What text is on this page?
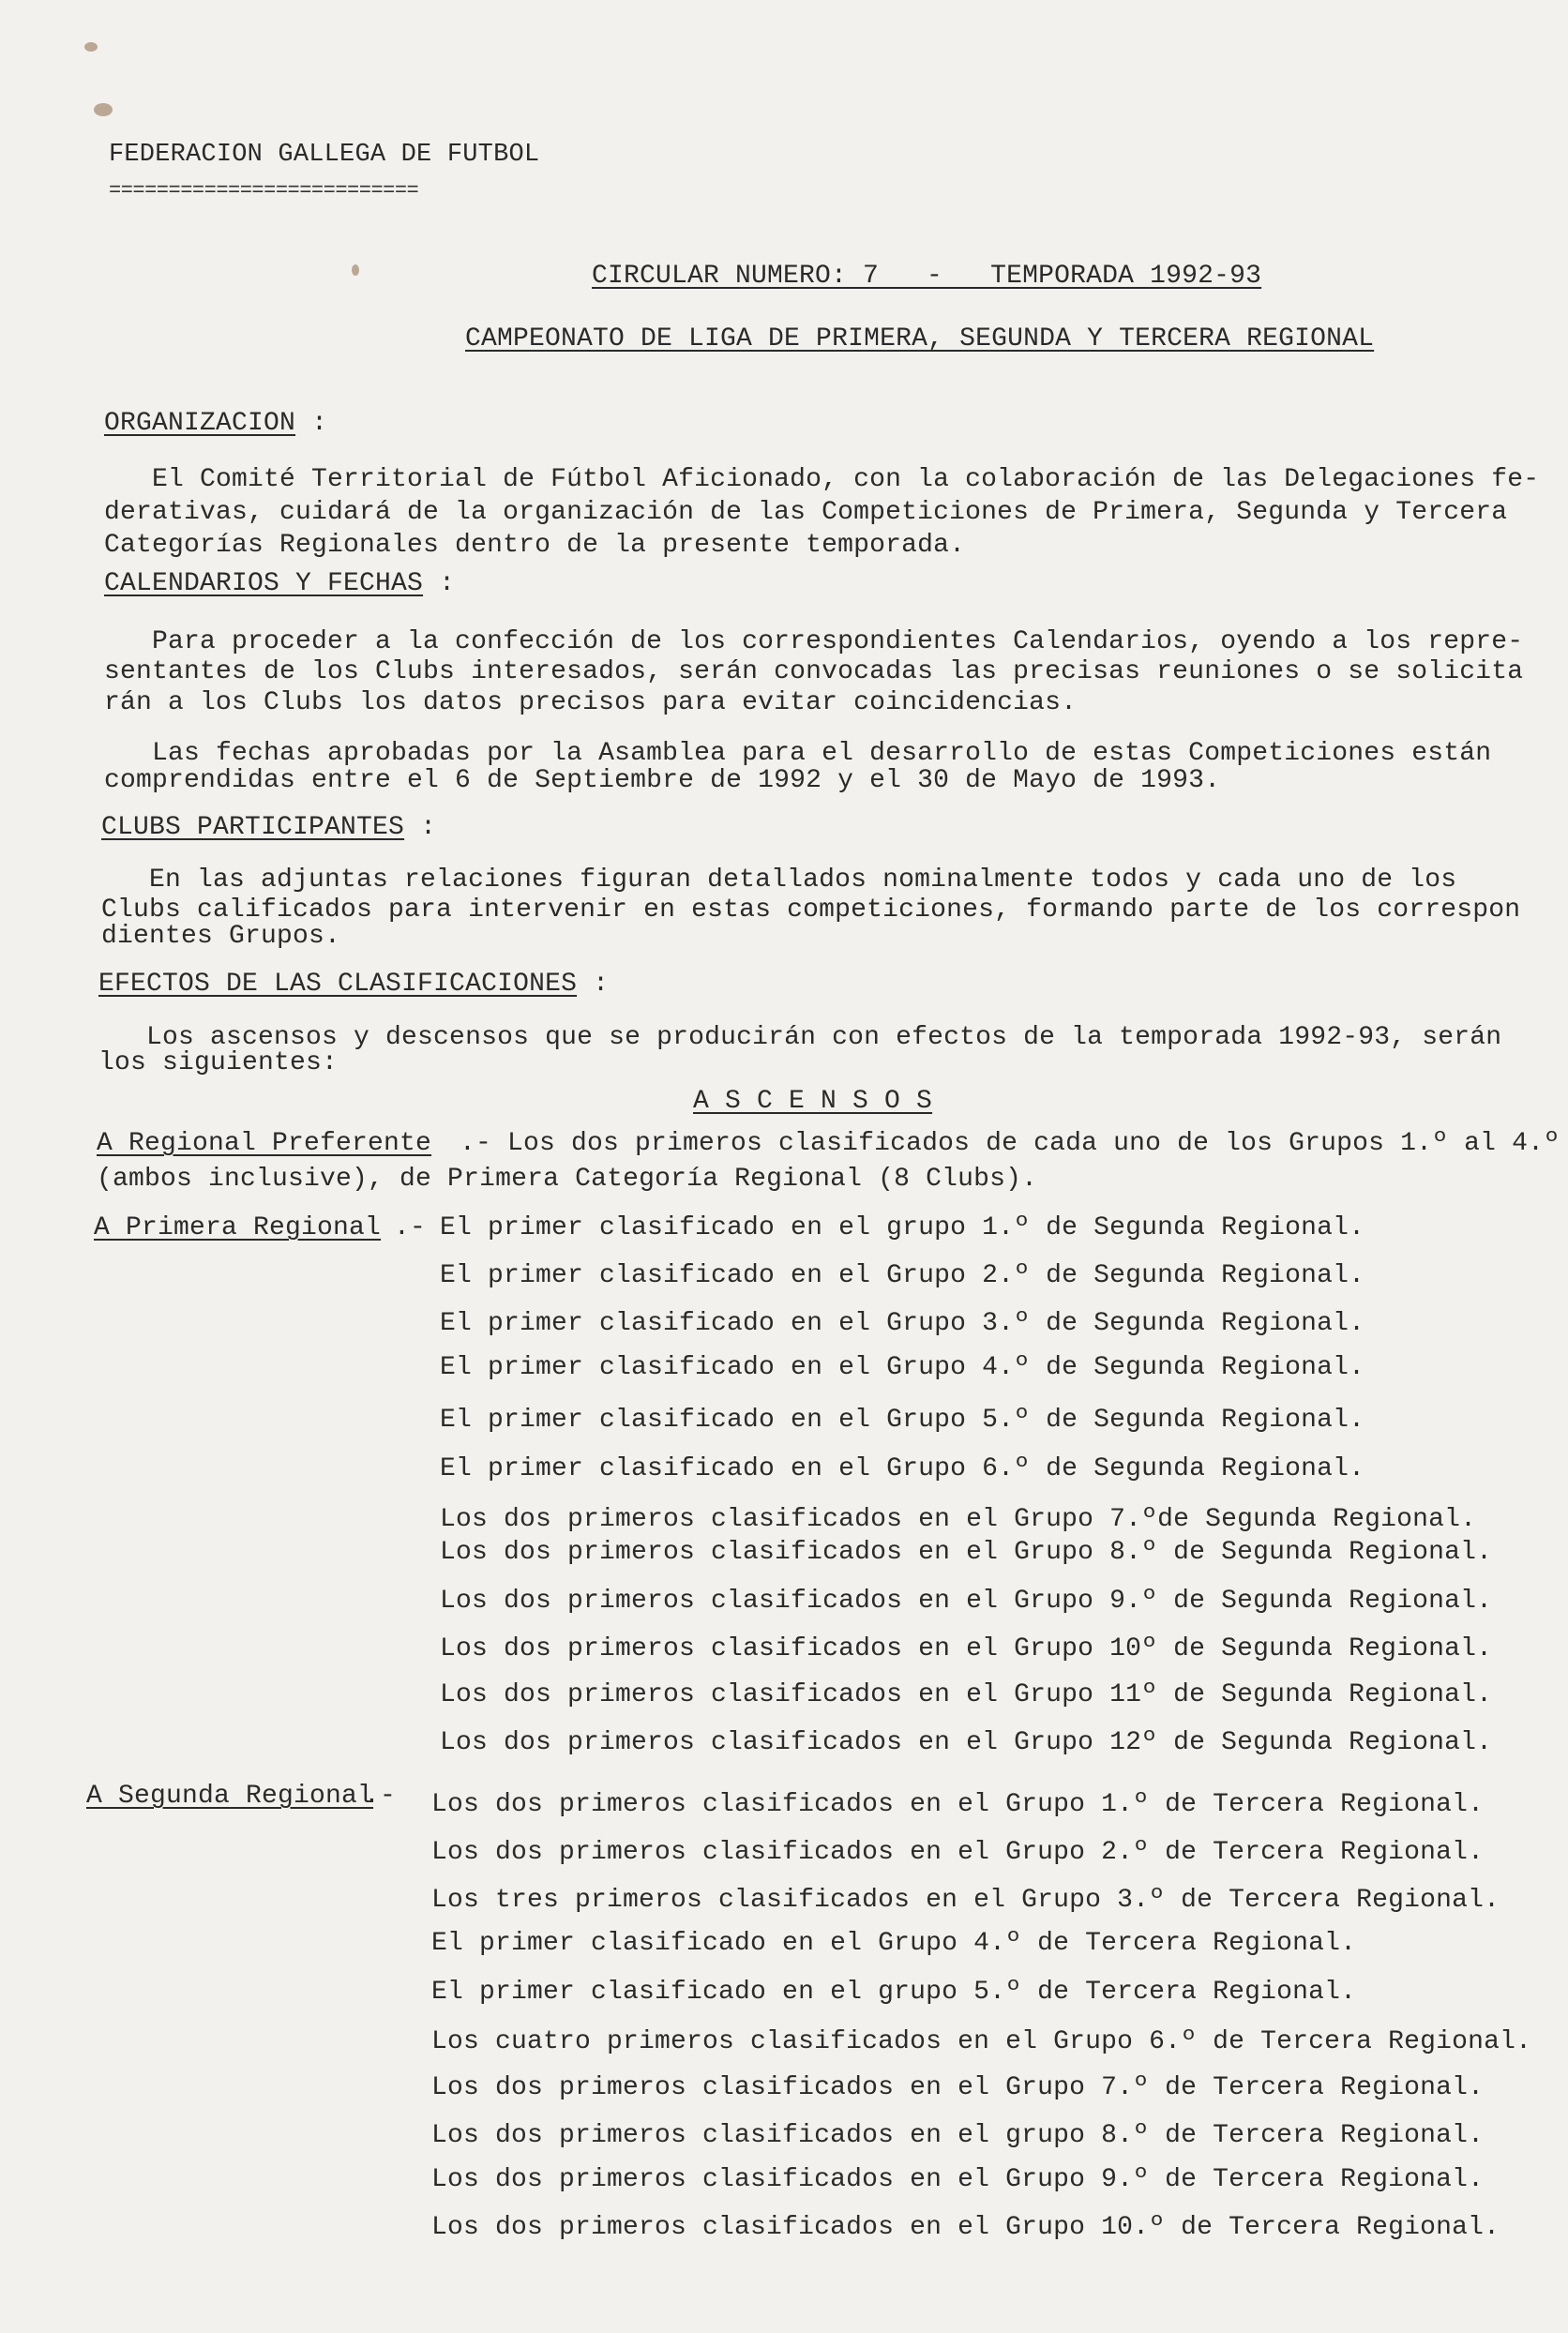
FEDERACION GALLEGA DE FUTBOL
==========================
CIRCULAR NUMERO: 7   -   TEMPORADA 1992-93
CAMPEONATO DE LIGA DE PRIMERA, SEGUNDA Y TERCERA REGIONAL
ORGANIZACION :
El Comité Territorial de Fútbol Aficionado, con la colaboración de las Delegaciones fe-
derativas, cuidará de la organización de las Competiciones de Primera, Segunda y Tercera
Categorías Regionales dentro de la presente temporada.
CALENDARIOS Y FECHAS :
Para proceder a la confección de los correspondientes Calendarios, oyendo a los repre-
sentantes de los Clubs interesados, serán convocadas las precisas reuniones o se solicita
rán a los Clubs los datos precisos para evitar coincidencias.
Las fechas aprobadas por la Asamblea para el desarrollo de estas Competiciones están
comprendidas entre el 6 de Septiembre de 1992 y el 30 de Mayo de 1993.
CLUBS PARTICIPANTES :
En las adjuntas relaciones figuran detallados nominalmente todos y cada uno de los
Clubs calificados para intervenir en estas competiciones, formando parte de los correspon
dientes Grupos.
EFECTOS DE LAS CLASIFICACIONES :
Los ascensos y descensos que se producirán con efectos de la temporada 1992-93, serán
los siguientes:
A S C E N S O S
A Regional Preferente .- Los dos primeros clasificados de cada uno de los Grupos 1.º al 4.º
(ambos inclusive), de Primera Categoría Regional (8 Clubs).
A Primera Regional .-
A Segunda Regional
.-
El primer clasificado en el grupo 1.º de Segunda Regional.
El primer clasificado en el Grupo 2.º de Segunda Regional.
El primer clasificado en el Grupo 3.º de Segunda Regional.
El primer clasificado en el Grupo 4.º de Segunda Regional.
El primer clasificado en el Grupo 5.º de Segunda Regional.
El primer clasificado en el Grupo 6.º de Segunda Regional.
Los dos primeros clasificados en el Grupo 7.ºde Segunda Regional.
Los dos primeros clasificados en el Grupo 8.º de Segunda Regional.
Los dos primeros clasificados en el Grupo 9.º de Segunda Regional.
Los dos primeros clasificados en el Grupo 10º de Segunda Regional.
Los dos primeros clasificados en el Grupo 11º de Segunda Regional.
Los dos primeros clasificados en el Grupo 12º de Segunda Regional.
Los dos primeros clasificados en el Grupo 1.º de Tercera Regional.
Los dos primeros clasificados en el Grupo 2.º de Tercera Regional.
Los tres primeros clasificados en el Grupo 3.º de Tercera Regional.
El primer clasificado en el Grupo 4.º de Tercera Regional.
El primer clasificado en el grupo 5.º de Tercera Regional.
Los cuatro primeros clasificados en el Grupo 6.º de Tercera Regional.
Los dos primeros clasificados en el Grupo 7.º de Tercera Regional.
Los dos primeros clasificados en el grupo 8.º de Tercera Regional.
Los dos primeros clasificados en el Grupo 9.º de Tercera Regional.
Los dos primeros clasificados en el Grupo 10.º de Tercera Regional.
